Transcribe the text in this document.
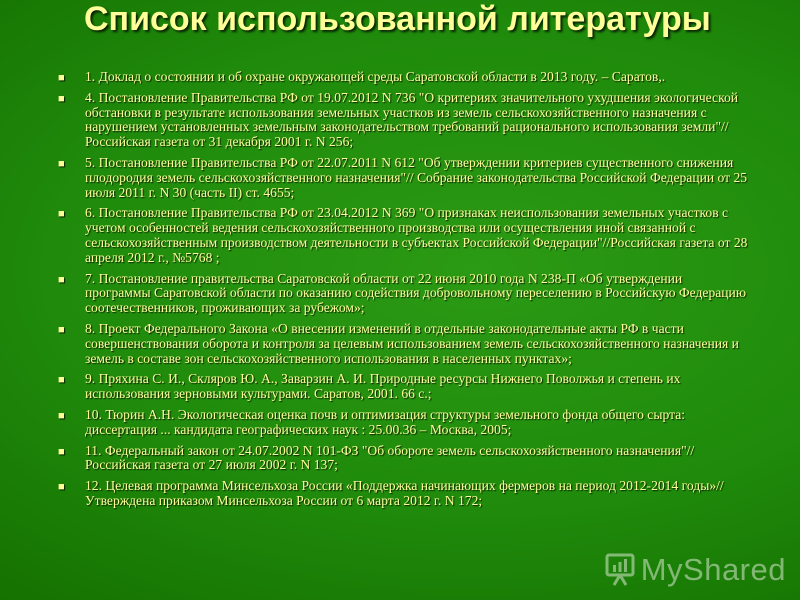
Список использованной литературы
■ 1. Доклад о состоянии и об охране окружающей среды Саратовской области в 2013 году. – Саратов,.
■ 4. Постановление Правительства РФ от 19.07.2012 N 736 "О критериях значительного ухудшения экологической обстановки в результате использования земельных участков из земель сельскохозяйственного назначения с нарушением установленных земельным законодательством требований рационального использования земли"// Российская газета от 31 декабря 2001 г. N 256;
■ 5. Постановление Правительства РФ от 22.07.2011 N 612 "Об утверждении критериев существенного снижения плодородия земель сельскохозяйственного назначения"// Собрание законодательства Российской Федерации от 25 июля 2011 г. N 30 (часть II) ст. 4655;
■ 6. Постановление Правительства РФ от 23.04.2012 N 369 "О признаках неиспользования земельных участков с учетом особенностей ведения сельскохозяйственного производства или осуществления иной связанной с сельскохозяйственным производством деятельности в субъектах Российской Федерации"//Российская газета от 28 апреля 2012 г., №5768 ;
■ 7. Постановление правительства Саратовской области от 22 июня 2010 года N 238-П «Об утверждении программы Саратовской области по оказанию содействия добровольному переселению в Российскую Федерацию соотечественников, проживающих за рубежом»;
■ 8. Проект Федерального Закона «О внесении изменений в отдельные законодательные акты РФ в части совершенствования оборота и контроля за целевым использованием земель сельскохозяйственного назначения и земель в составе зон сельскохозяйственного использования в населенных пунктах»;
■ 9. Пряхина С. И., Скляров Ю. А., Заварзин А. И. Природные ресурсы Нижнего Поволжья и степень их использования зерновыми культурами. Саратов, 2001. 66 с.;
■ 10. Тюрин А.Н. Экологическая оценка почв и оптимизация структуры земельного фонда общего сырта: диссертация ... кандидата географических наук : 25.00.36 – Москва, 2005;
■ 11. Федеральный закон от 24.07.2002 N 101-ФЗ "Об обороте земель сельскохозяйственного назначения"// Российская газета от 27 июля 2002 г. N 137;
■ 12. Целевая программа Минсельхоза России «Поддержка начинающих фермеров на период 2012-2014 годы»// Утверждена приказом Минсельхоза России от 6 марта 2012 г. N 172;
MyShared
